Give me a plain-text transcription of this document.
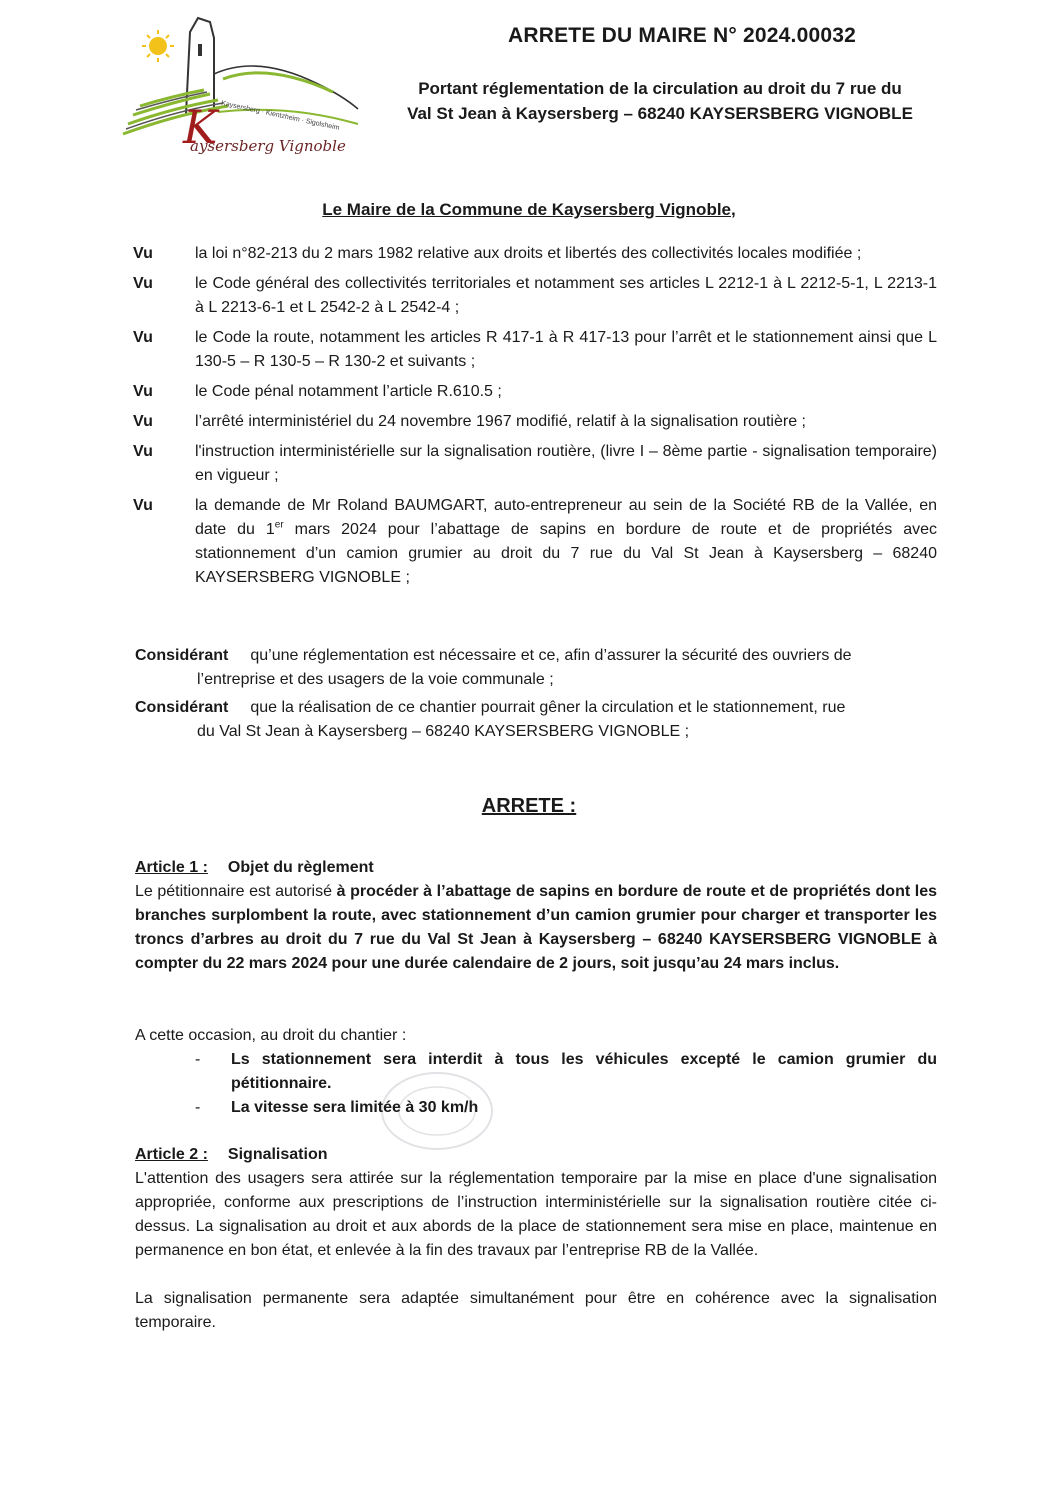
Kaysersberg · Kientzheim · Sigolsheim
K
aysersberg Vignoble
ARRETE DU MAIRE N° 2024.00032
Portant réglementation de la circulation au droit du 7 rue du
Val St Jean à Kaysersberg – 68240 KAYSERSBERG VIGNOBLE
Le Maire de la Commune de Kaysersberg Vignoble,
Vu	la loi n°82-213 du 2 mars 1982 relative aux droits et libertés des collectivités locales modifiée ;
Vu	le Code général des collectivités territoriales et notamment ses articles L 2212-1 à L 2212-5-1, L 2213-1 à L 2213-6-1 et L 2542-2 à L 2542-4 ;
Vu	le Code la route, notamment les articles R 417-1 à R 417-13 pour l’arrêt et le stationnement ainsi que L 130-5 – R 130-5 – R 130-2 et suivants ;
Vu	le Code pénal notamment l’article R.610.5 ;
Vu	l’arrêté interministériel du 24 novembre 1967 modifié, relatif à la signalisation routière ;
Vu	l'instruction interministérielle sur la signalisation routière, (livre I – 8ème partie - signalisation temporaire) en vigueur ;
Vu	la demande de Mr Roland BAUMGART, auto-entrepreneur au sein de la Société RB de la Vallée, en date du 1er mars 2024 pour l’abattage de sapins en bordure de route et de propriétés avec stationnement d’un camion grumier au droit du 7 rue du Val St Jean à Kaysersberg – 68240 KAYSERSBERG VIGNOBLE ;
Considérant qu’une réglementation est nécessaire et ce, afin d’assurer la sécurité des ouvriers de
l’entreprise et des usagers de la voie communale ;
Considérant que la réalisation de ce chantier pourrait gêner la circulation et le stationnement, rue
du Val St Jean à Kaysersberg – 68240 KAYSERSBERG VIGNOBLE ;
ARRETE :
Article 1 : Objet du règlement
Le pétitionnaire est autorisé à procéder à l’abattage de sapins en bordure de route et de propriétés dont les branches surplombent la route, avec stationnement d’un camion grumier pour charger et transporter les troncs d’arbres au droit du 7 rue du Val St Jean à Kaysersberg – 68240 KAYSERSBERG VIGNOBLE à compter du 22 mars 2024 pour une durée calendaire de 2 jours, soit jusqu’au 24 mars inclus.
A cette occasion, au droit du chantier :
-	Ls stationnement sera interdit à tous les véhicules excepté le camion grumier du pétitionnaire.
-	La vitesse sera limitée à 30 km/h
Article 2 : Signalisation
L'attention des usagers sera attirée sur la réglementation temporaire par la mise en place d'une signalisation appropriée, conforme aux prescriptions de l’instruction interministérielle sur la signalisation routière citée ci-dessus. La signalisation au droit et aux abords de la place de stationnement sera mise en place, maintenue en permanence en bon état, et enlevée à la fin des travaux par l’entreprise RB de la Vallée.
La signalisation permanente sera adaptée simultanément pour être en cohérence avec la signalisation temporaire.
